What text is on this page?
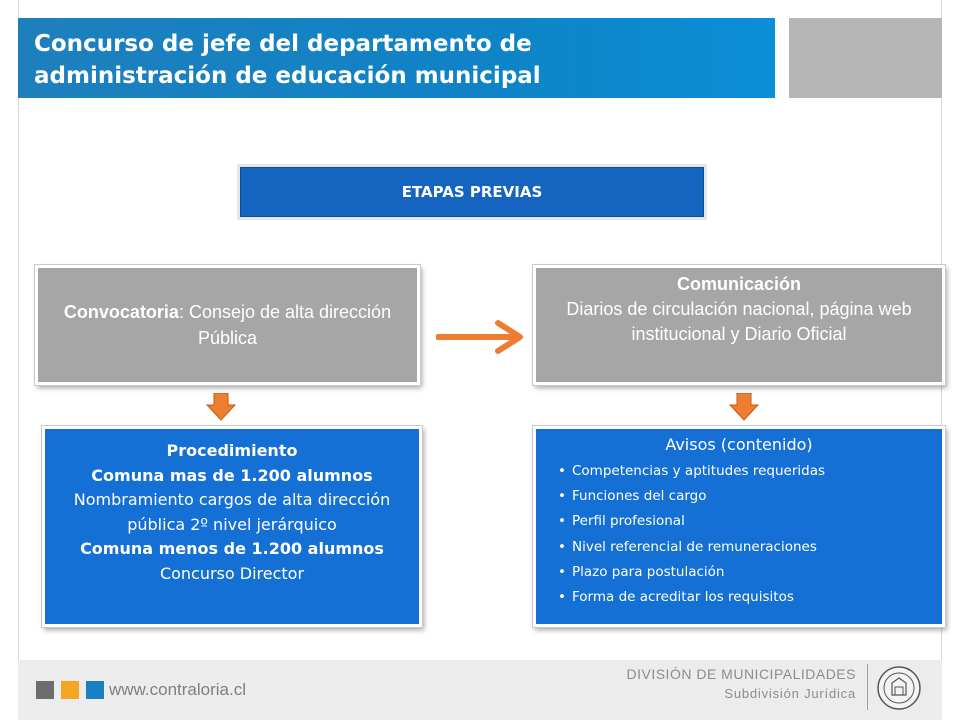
Concurso de jefe del departamento de
administración de educación municipal
ETAPAS PREVIAS

Convocatoria: Consejo de alta dirección Pública

Comunicación

Diarios de circulación nacional, página web institucional y Diario Oficial

Procedimiento

Comuna mas de 1.200 alumnos

Nombramiento cargos de alta dirección pública 2º nivel jerárquico

Comuna menos de 1.200 alumnos

Concurso Director

Avisos (contenido)

• Competencias y aptitudes requeridas
• Funciones del cargo
• Perfil profesional
• Nivel referencial de remuneraciones
• Plazo para postulación
• Forma de acreditar los requisitos
www.contraloria.cl
DIVISIÓN DE MUNICIPALIDADES
Subdivisión Jurídica
